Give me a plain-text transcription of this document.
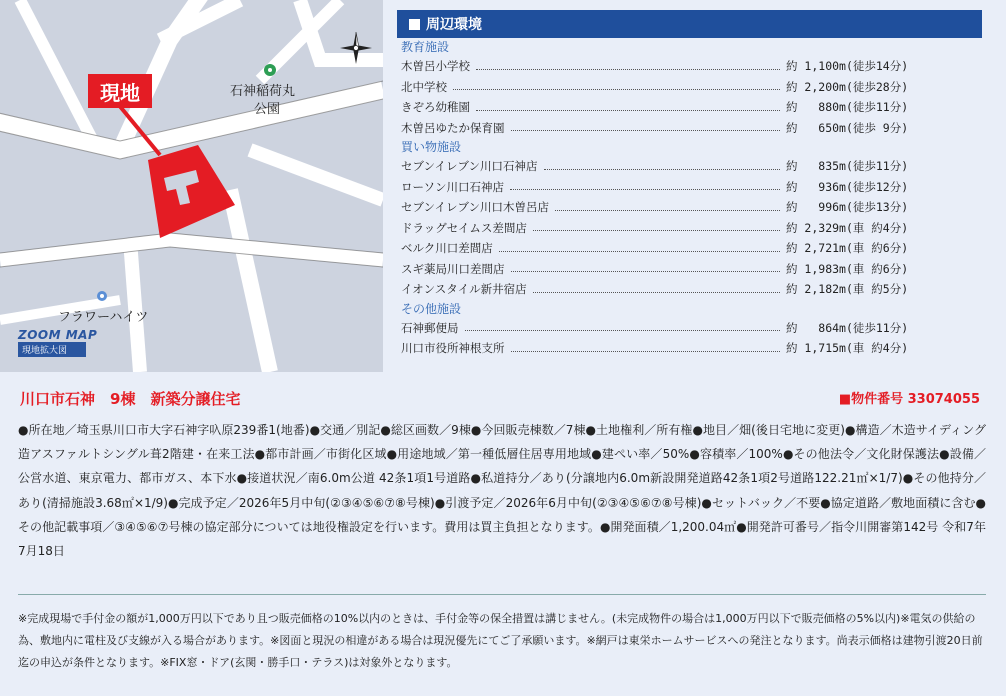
現地	石神稲荷丸
公園
フラワーハイツ
ZOOM MAP
現地拡大図
周辺環境
教育施設
木曽呂小学校	約 1,100m(徒歩14分)
北中学校	約 2,200m(徒歩28分)
きぞろ幼稚園	約   880m(徒歩11分)
木曽呂ゆたか保育園	約   650m(徒歩 9分)
買い物施設
セブンイレブン川口石神店	約   835m(徒歩11分)
ローソン川口石神店	約   936m(徒歩12分)
セブンイレブン川口木曽呂店	約   996m(徒歩13分)
ドラッグセイムス差間店	約 2,329m(車 約4分)
ベルク川口差間店	約 2,721m(車 約6分)
スギ薬局川口差間店	約 1,983m(車 約6分)
イオンスタイル新井宿店	約 2,182m(車 約5分)
その他施設
石神郵便局	約   864m(徒歩11分)
川口市役所神根支所	約 1,715m(車 約4分)
川口市石神　9棟　新築分譲住宅	■物件番号 33074055
●所在地／埼玉県川口市大字石神字叺原239番1(地番)●交通／別記●総区画数／9棟●今回販売棟数／7棟●土地権利／所有権●地目／畑(後日宅地に変更)●構造／木造サイディング造アスファルトシングル葺2階建・在来工法●都市計画／市街化区域●用途地域／第一種低層住居専用地域●建ぺい率／50%●容積率／100%●その他法令／文化財保護法●設備／公営水道、東京電力、都市ガス、本下水●接道状況／南6.0m公道 42条1項1号道路●私道持分／あり(分譲地内6.0m新設開発道路42条1項2号道路122.21㎡×1/7)●その他持分／あり(清掃施設3.68㎡×1/9)●完成予定／2026年5月中旬(②③④⑤⑥⑦⑧号棟)●引渡予定／2026年6月中旬(②③④⑤⑥⑦⑧号棟)●セットバック／不要●協定道路／敷地面積に含む●その他記載事項／③④⑤⑥⑦号棟の協定部分については地役権設定を行います。費用は買主負担となります。●開発面積／1,200.04㎡●開発許可番号／指令川開審第142号 令和7年7月18日
※完成現場で手付金の額が1,000万円以下であり且つ販売価格の10%以内のときは、手付金等の保全措置は講じません。(未完成物件の場合は1,000万円以下で販売価格の5%以内)※電気の供給の為、敷地内に電柱及び支線が入る場合があります。※図面と現況の相違がある場合は現況優先にてご了承願います。※網戸は東栄ホームサービスへの発注となります。尚表示価格は建物引渡20日前迄の申込が条件となります。※FIX窓・ドア(玄関・勝手口・テラス)は対象外となります。
